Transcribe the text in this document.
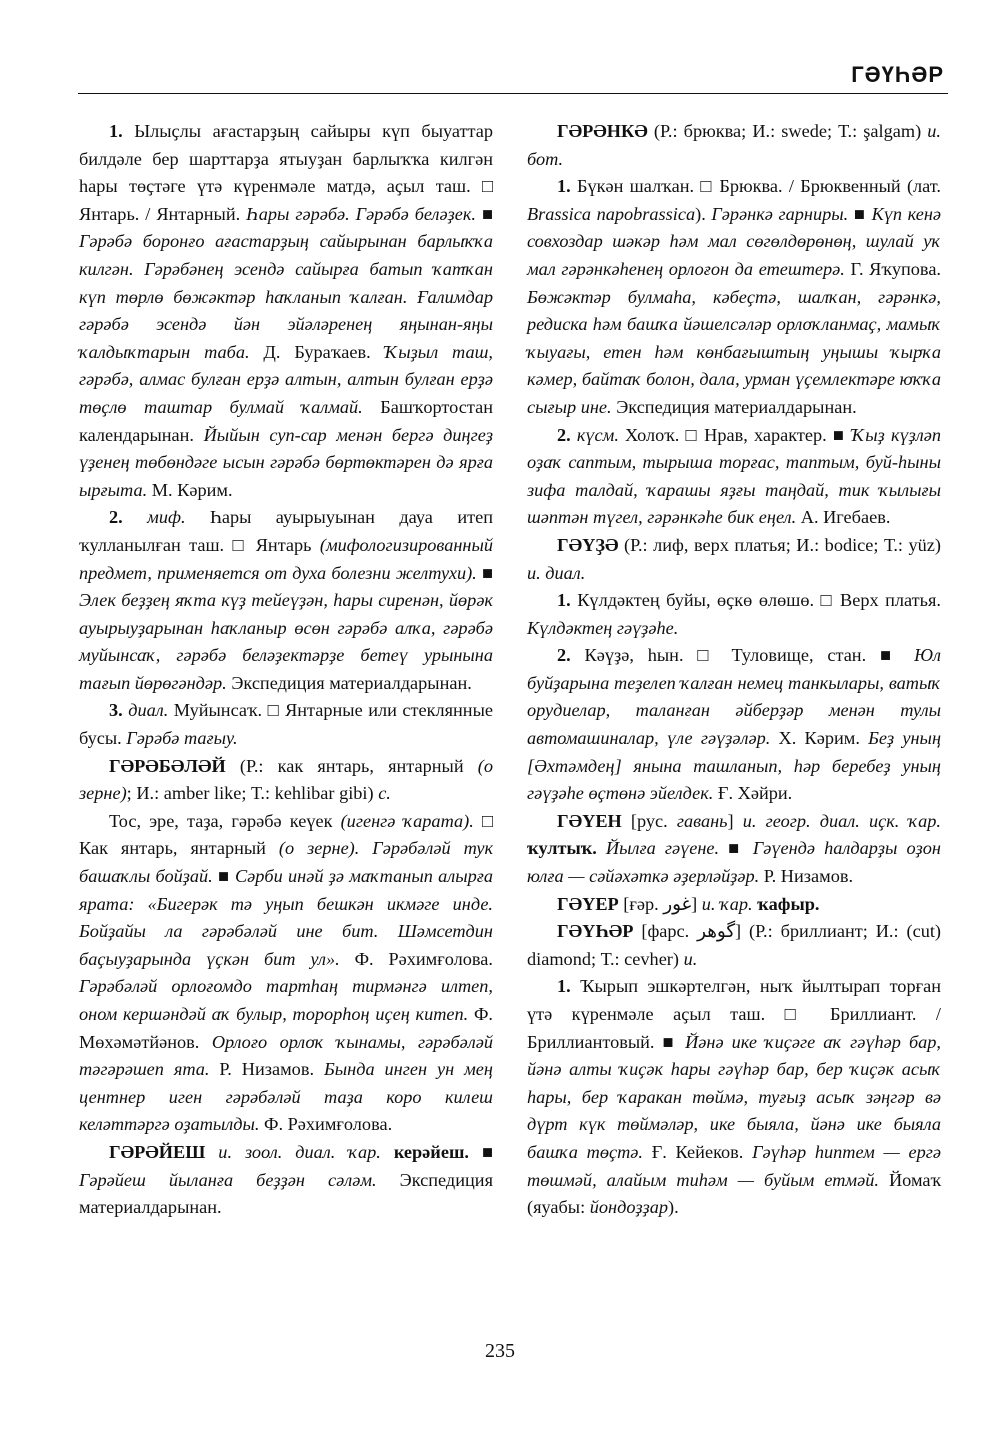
ГӘҮҺӘР

1. Ылыҫлы ағастарҙың сайыры күп быуаттар билдәле бер шарттарҙа ятыуҙан барлыҡҡа килгән һары төҫтәге үтә күренмәле матдә, аҫыл таш. □ Янтарь. / Янтарный. Һары гәрәбә. Гәрәбә беләҙек. ■ Гәрәбә боронғо ағастарҙың сайырынан барлыҡҡа килгән. Гәрәбәнең эсендә сайырға батып ҡатҡан күп төрлө бөжәктәр һаҡланып ҡалған. Ғалимдар гәрәбә эсендә йән эйәләренең яңынан-яңы ҡалдыҡтарын таба. Д. Бураҡаев. Ҡыҙыл таш, гәрәбә, алмас булған ерҙә алтын, алтын булған ерҙә төҫлө таштар булмай ҡалмай. Башҡортостан календарынан. Йыйын суп-сар менән бергә диңгеҙ үҙенең төбөндәге ысын гәрәбә бөртөктәрен дә ярға ырғыта. М. Кәрим.

2. миф. Һары ауырыуынан дауа итеп ҡулланылған таш. □ Янтарь (мифологизированный предмет, применяется от духа болезни желтухи). ■ Элек беҙҙең яҡта күҙ тейеүҙән, һары сиренән, йөрәк ауырыуҙарынан һаҡланыр өсөн гәрәбә алҡа, гәрәбә муйынсаҡ, гәрәбә беләҙектәрҙе бетеү урынына тағып йөрөгәндәр. Экспедиция материалдарынан.

3. диал. Муйынсаҡ. □ Янтарные или стеклянные бусы. Гәрәбә тағыу.

ГӘРӘБӘЛӘЙ (Р.: как янтарь, янтарный (о зерне); И.: amber like; Т.: kehlibar gibi) с.

Тос, эре, таҙа, гәрәбә кеүек (игенгә ҡарата). □ Как янтарь, янтарный (о зерне). Гәрәбәләй тук башаҡлы бойҙай. ■ Сәрби инәй ҙә маҡтанып алырға ярата: «Бигерәк тә уңып бешкән икмәге инде. Бойҙайы ла гәрәбәләй ине бит. Шәмсетдин баҫыуҙарында үҫкән бит ул». Ф. Рәхимғолова. Гәрәбәләй орлоғомдо тартһаң тирмәнгә илтеп, оном кершәндәй аҡ булыр, торорһоң иҫең китеп. Ф. Мөхәмәтйәнов. Орлоғо орлоҡ ҡынамы, гәрәбәләй тәгәрәшеп ята. Р. Низамов. Бында инген ун мең центнер иген гәрәбәләй таҙа коро килеш келәттәргә оҙатылды. Ф. Рәхимғолова.

ГӘРӘЙЕШ и. зоол. диал. ҡар. керәйеш. ■ Гәрәйеш йыланға беҙҙән сәләм. Экспедиция материалдарынан.

ГӘРӘНКӘ (Р.: брюква; И.: swede; Т.: şalgam) и. бот.

1. Бүкән шалҡан. □ Брюква. / Брюквенный (лат. Brassica napobrassica). Гәрәнкә гарниры. ■ Күп кенә совхоздар шәкәр һәм мал сөгөлдөрөнөң, шулай уҡ мал гәрәнкәһенең орлоғон да етештерә. Г. Яҡупова. Бөжәктәр булмаһа, кәбеҫтә, шалҡан, гәрәнкә, редиска һәм башҡа йәшелсәләр орлоҡланмаҫ, мамыҡ ҡыуағы, етен һәм көнбағыштың уңышы ҡырҡа кәмер, байтаҡ болон, дала, урман үҫемлектәре юҡҡа сығыр ине. Экспедиция материалдарынан.

2. күсм. Холоҡ. □ Нрав, характер. ■ Ҡыҙ күҙләп оҙаҡ саптым, тырыша торғас, таптым, буй-һыны зифа талдай, ҡарашы яҙғы таңдай, тик ҡылығы шәптән түгел, гәрәнкәһе бик еңел. А. Игебаев.

ГӘҮҘӘ (Р.: лиф, верх платья; И.: bodice; Т.: yüz) и. диал.

1. Күлдәктең буйы, өҫкө өлөшө. □ Верх платья. Күлдәктең гәүҙәһе.

2. Кәүҙә, һын. □ Туловище, стан. ■ Юл буйҙарына теҙелеп ҡалған немец танкылары, ватыҡ орудиелар, таланған әйберҙәр менән тулы автомашиналар, үле гәүҙәләр. Х. Кәрим. Беҙ уның [Әхтәмдең] янына ташланып, һәр беребеҙ уның гәүҙәһе өҫтөнә эйелдек. Ғ. Хәйри.

ГӘҮЕН [рус. гавань] и. геогр. диал. иҫк. ҡар. ҡултыҡ. Йылға гәүене. ■ Гәүендә һалдарҙы оҙон юлға — сәйәхәткә әҙерләйҙәр. Р. Низамов.

ГӘҮЕР [ғәр. غور] и. ҡар. ҡафыр.

ГӘҮҺӘР [фарс. گوهر] (Р.: бриллиант; И.: (cut) diamond; Т.: cevher) и.

1. Ҡырып эшкәртелгән, ныҡ йылтырап торған үтә күренмәле аҫыл таш. □ Бриллиант. / Бриллиантовый. ■ Йәнә ике ҡиҫәге аҡ гәүһәр бар, йәнә алты ҡиҫәк һары гәүһәр бар, бер ҡиҫәк асыҡ һары, бер ҡаракан төймә, туғыҙ асыҡ зәңгәр вә дүрт күк төймәләр, ике быяла, йәнә ике быяла башҡа төҫтә. Ғ. Кейеков. Гәүһәр һиптем — ергә төшмәй, алайым тиһәм — буйым етмәй. Йомаҡ (яуабы: йондоҙҙар).

235
